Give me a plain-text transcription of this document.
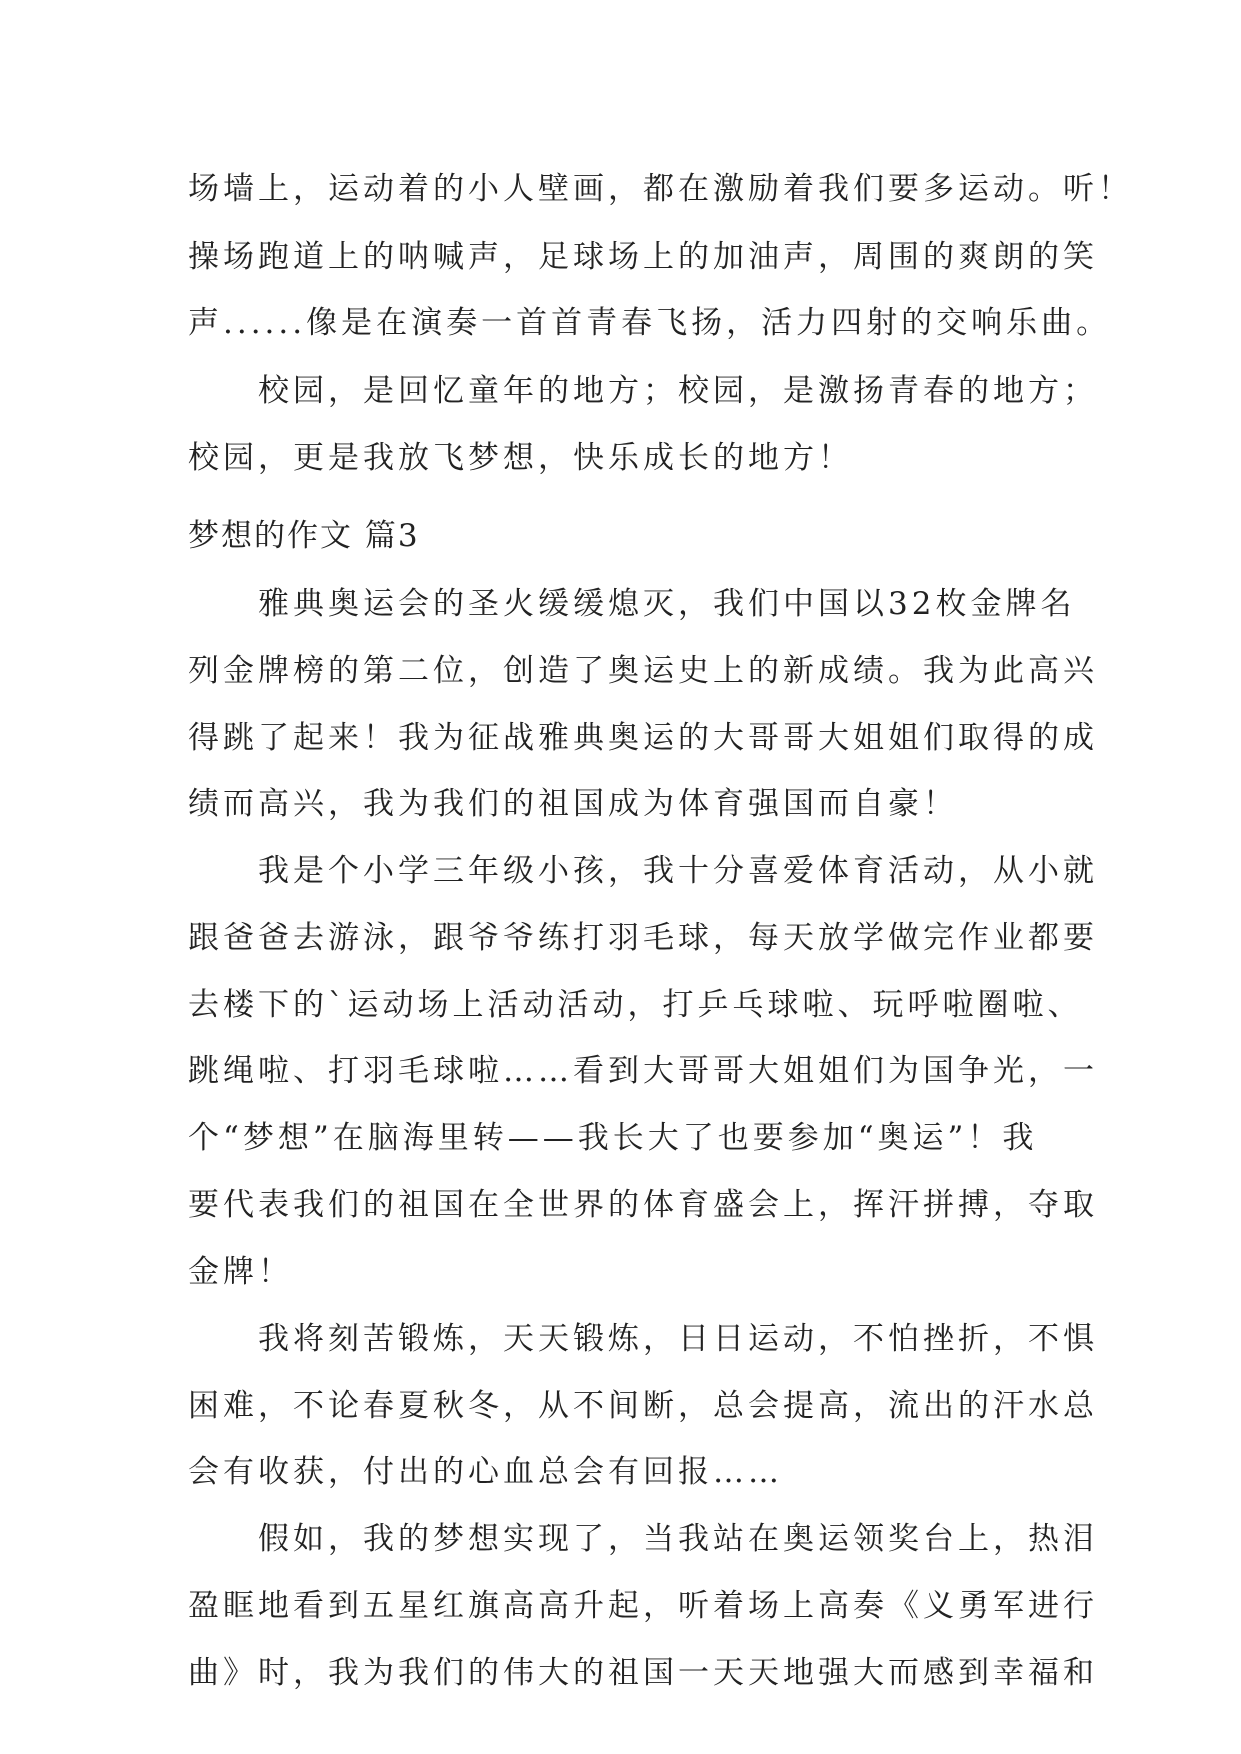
场墙上，运动着的小人壁画，都在激励着我们要多运动。听！
操场跑道上的呐喊声，足球场上的加油声，周围的爽朗的笑
声......像是在演奏一首首青春飞扬，活力四射的交响乐曲。
校园，是回忆童年的地方；校园，是激扬青春的地方；
校园，更是我放飞梦想，快乐成长的地方！
梦想的作文 篇3
雅典奥运会的圣火缓缓熄灭，我们中国以32枚金牌名
列金牌榜的第二位，创造了奥运史上的新成绩。我为此高兴
得跳了起来！我为征战雅典奥运的大哥哥大姐姐们取得的成
绩而高兴，我为我们的祖国成为体育强国而自豪！
我是个小学三年级小孩，我十分喜爱体育活动，从小就
跟爸爸去游泳，跟爷爷练打羽毛球，每天放学做完作业都要
去楼下的`运动场上活动活动，打乒乓球啦、玩呼啦圈啦、
跳绳啦、打羽毛球啦……看到大哥哥大姐姐们为国争光，一
个“梦想”在脑海里转——我长大了也要参加“奥运”！我
要代表我们的祖国在全世界的体育盛会上，挥汗拼搏，夺取
金牌！
我将刻苦锻炼，天天锻炼，日日运动，不怕挫折，不惧
困难，不论春夏秋冬，从不间断，总会提高，流出的汗水总
会有收获，付出的心血总会有回报……
假如，我的梦想实现了，当我站在奥运领奖台上，热泪
盈眶地看到五星红旗高高升起，听着场上高奏《义勇军进行
曲》时，我为我们的伟大的祖国一天天地强大而感到幸福和
